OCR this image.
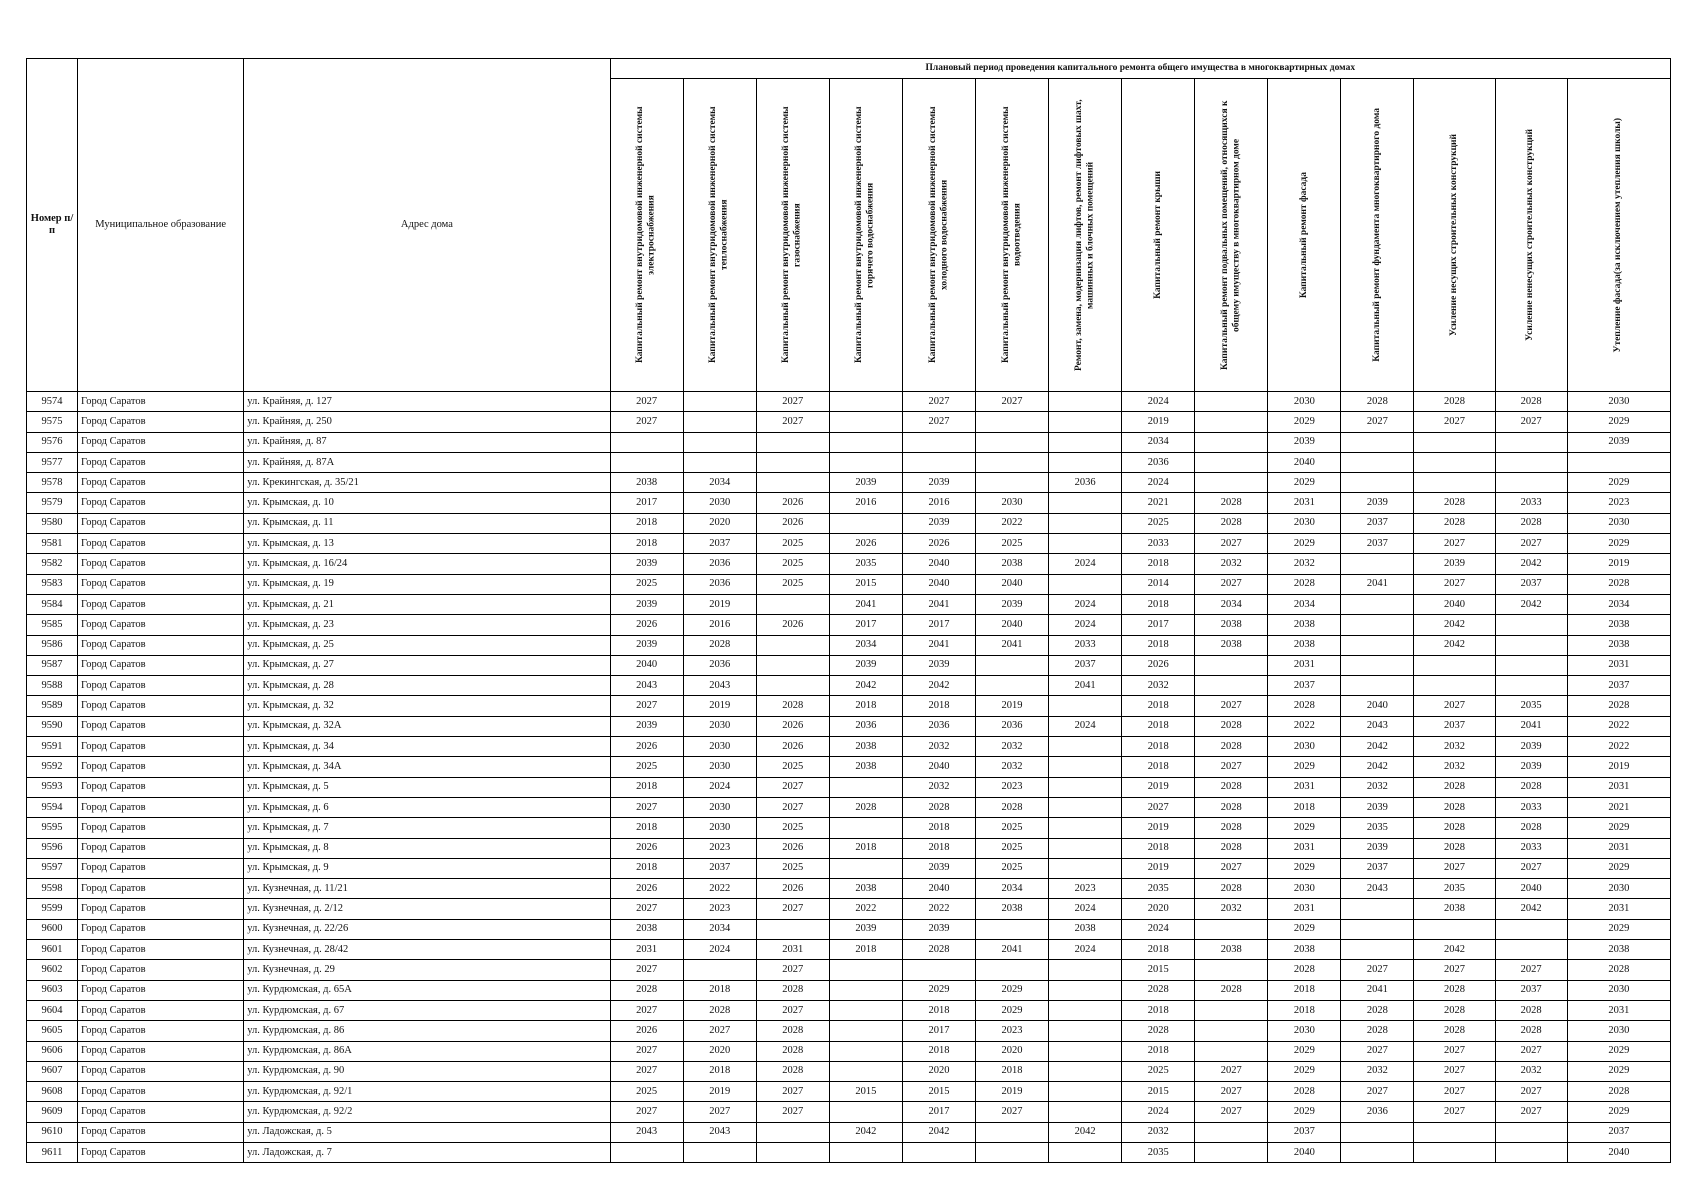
Номер п/п	Муниципальное образование	Адрес дома	Плановый период проведения капитального ремонта общего имущества в многоквартирных домах													

			Капитальный ремонт внутридомовой инженерной системы электроснабжения	Капитальный ремонт внутридомовой инженерной системы теплоснабжения	Капитальный ремонт внутридомовой инженерной системы газоснабжения	Капитальный ремонт внутридомовой инженерной системы горячего водоснабжения	Капитальный ремонт внутридомовой инженерной системы холодного водоснабжения	Капитальный ремонт внутридомовой инженерной системы водоотведения	Ремонт, замена, модернизация лифтов, ремонт лифтовых шахт, машинных и блочных помещений	Капитальный ремонт крыши	Капитальный ремонт подвальных помещений, относящихся к общему имуществу в многоквартирном доме	Капитальный ремонт фасада	Капитальный ремонт фундамента многоквартирного дома	Усиление несущих строительных конструкций	Усиление ненесущих строительных конструкций	Утепление фасада(за исключением утепления школы)

9574	Город Саратов	ул. Крайняя, д. 127	2027		2027		2027	2027		2024		2030	2028	2028	2028	2030
9575	Город Саратов	ул. Крайняя, д. 250	2027		2027		2027			2019		2029	2027	2027	2027	2029
9576	Город Саратов	ул. Крайняя, д. 87								2034		2039				2039
9577	Город Саратов	ул. Крайняя, д. 87А								2036		2040				
9578	Город Саратов	ул. Крекингская, д. 35/21	2038	2034		2039	2039		2036	2024		2029				2029
9579	Город Саратов	ул. Крымская, д. 10	2017	2030	2026	2016	2016	2030		2021	2028	2031	2039	2028	2033	2023
9580	Город Саратов	ул. Крымская, д. 11	2018	2020	2026		2039	2022		2025	2028	2030	2037	2028	2028	2030
9581	Город Саратов	ул. Крымская, д. 13	2018	2037	2025	2026	2026	2025		2033	2027	2029	2037	2027	2027	2029
9582	Город Саратов	ул. Крымская, д. 16/24	2039	2036	2025	2035	2040	2038	2024	2018	2032	2032		2039	2042	2019
9583	Город Саратов	ул. Крымская, д. 19	2025	2036	2025	2015	2040	2040		2014	2027	2028	2041	2027	2037	2028
9584	Город Саратов	ул. Крымская, д. 21	2039	2019		2041	2041	2039	2024	2018	2034	2034		2040	2042	2034
9585	Город Саратов	ул. Крымская, д. 23	2026	2016	2026	2017	2017	2040	2024	2017	2038	2038		2042		2038
9586	Город Саратов	ул. Крымская, д. 25	2039	2028		2034	2041	2041	2033	2018	2038	2038		2042		2038
9587	Город Саратов	ул. Крымская, д. 27	2040	2036		2039	2039		2037	2026		2031				2031
9588	Город Саратов	ул. Крымская, д. 28	2043	2043		2042	2042		2041	2032		2037				2037
9589	Город Саратов	ул. Крымская, д. 32	2027	2019	2028	2018	2018	2019		2018	2027	2028	2040	2027	2035	2028
9590	Город Саратов	ул. Крымская, д. 32А	2039	2030	2026	2036	2036	2036	2024	2018	2028	2022	2043	2037	2041	2022
9591	Город Саратов	ул. Крымская, д. 34	2026	2030	2026	2038	2032	2032		2018	2028	2030	2042	2032	2039	2022
9592	Город Саратов	ул. Крымская, д. 34А	2025	2030	2025	2038	2040	2032		2018	2027	2029	2042	2032	2039	2019
9593	Город Саратов	ул. Крымская, д. 5	2018	2024	2027		2032	2023		2019	2028	2031	2032	2028	2028	2031
9594	Город Саратов	ул. Крымская, д. 6	2027	2030	2027	2028	2028	2028		2027	2028	2018	2039	2028	2033	2021
9595	Город Саратов	ул. Крымская, д. 7	2018	2030	2025		2018	2025		2019	2028	2029	2035	2028	2028	2029
9596	Город Саратов	ул. Крымская, д. 8	2026	2023	2026	2018	2018	2025		2018	2028	2031	2039	2028	2033	2031
9597	Город Саратов	ул. Крымская, д. 9	2018	2037	2025		2039	2025		2019	2027	2029	2037	2027	2027	2029
9598	Город Саратов	ул. Кузнечная, д. 11/21	2026	2022	2026	2038	2040	2034	2023	2035	2028	2030	2043	2035	2040	2030
9599	Город Саратов	ул. Кузнечная, д. 2/12	2027	2023	2027	2022	2022	2038	2024	2020	2032	2031		2038	2042	2031
9600	Город Саратов	ул. Кузнечная, д. 22/26	2038	2034		2039	2039		2038	2024		2029				2029
9601	Город Саратов	ул. Кузнечная, д. 28/42	2031	2024	2031	2018	2028	2041	2024	2018	2038	2038		2042		2038
9602	Город Саратов	ул. Кузнечная, д. 29	2027		2027					2015		2028	2027	2027	2027	2028
9603	Город Саратов	ул. Курдюмская, д. 65А	2028	2018	2028		2029	2029		2028	2028	2018	2041	2028	2037	2030
9604	Город Саратов	ул. Курдюмская, д. 67	2027	2028	2027		2018	2029		2018		2018	2028	2028	2028	2031
9605	Город Саратов	ул. Курдюмская, д. 86	2026	2027	2028		2017	2023		2028		2030	2028	2028	2028	2030
9606	Город Саратов	ул. Курдюмская, д. 86А	2027	2020	2028		2018	2020		2018		2029	2027	2027	2027	2029
9607	Город Саратов	ул. Курдюмская, д. 90	2027	2018	2028		2020	2018		2025	2027	2029	2032	2027	2032	2029
9608	Город Саратов	ул. Курдюмская, д. 92/1	2025	2019	2027	2015	2015	2019		2015	2027	2028	2027	2027	2027	2028
9609	Город Саратов	ул. Курдюмская, д. 92/2	2027	2027	2027		2017	2027		2024	2027	2029	2036	2027	2027	2029
9610	Город Саратов	ул. Ладожская, д. 5	2043	2043		2042	2042		2042	2032		2037				2037
9611	Город Саратов	ул. Ладожская, д. 7								2035		2040				2040
